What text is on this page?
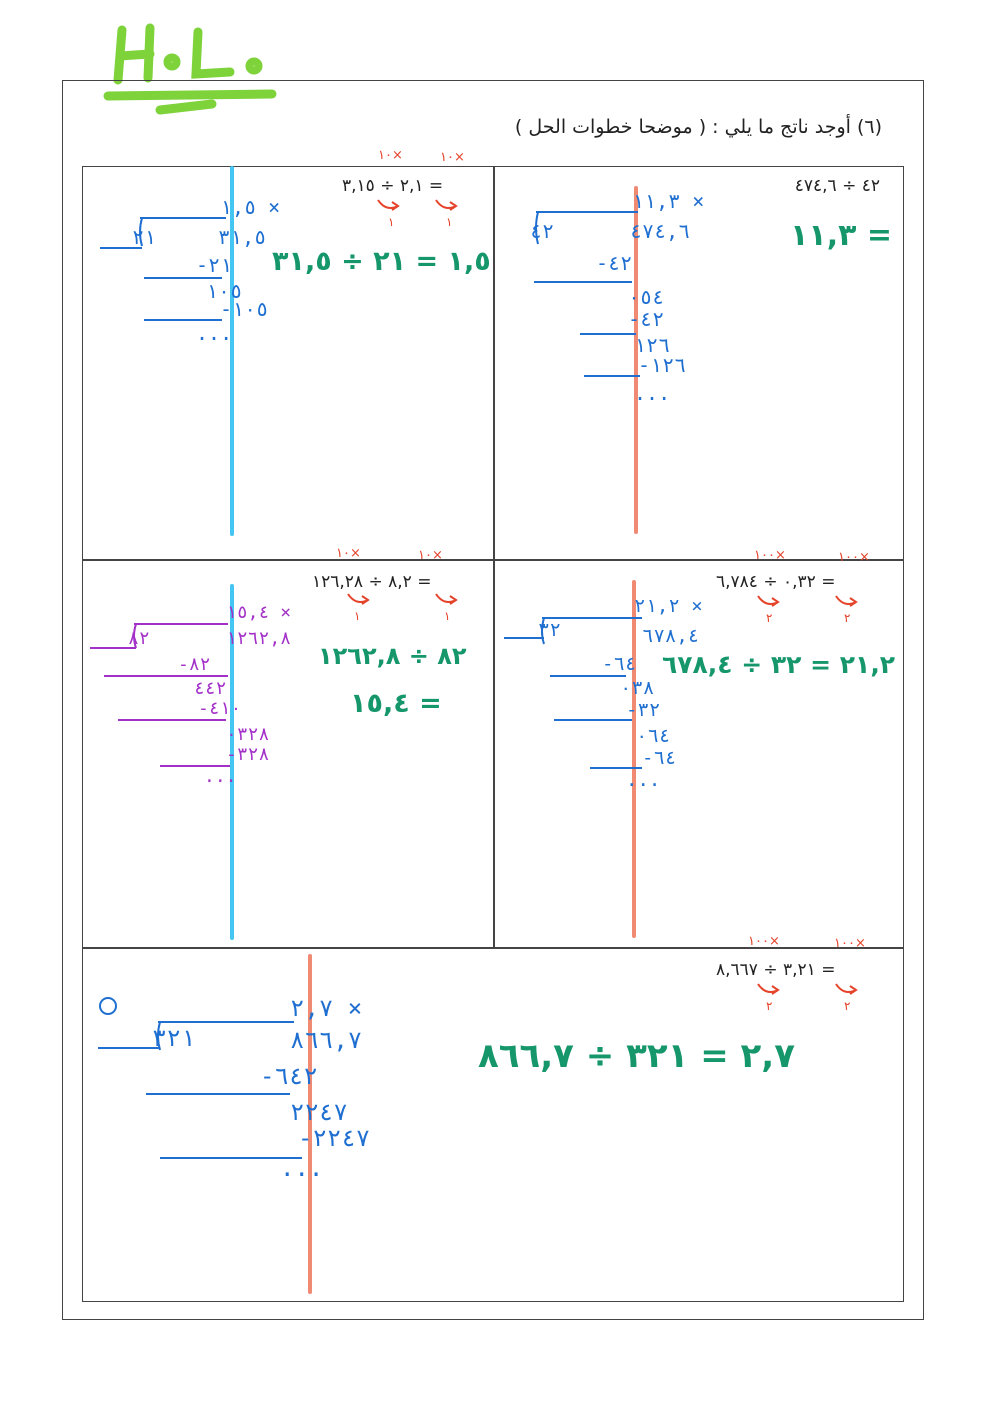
(٦) أوجد ناتج ما يلي : ( موضحا خطوات الحل )
٤٢ ÷ ٤٧٤,٦
= ١١,٣
× ١١,٣
٤٢	٤٧٤,٦
٤٢-
٠٥٤
٤٢-
١٢٦
١٢٦-
...
١٠×
١٠×
= ٢,١ ÷ ٣,١٥
١	١
١,٥ = ٢١ ÷ ٣١,٥
× ١,٥
٢١	٣١,٥
٢١-
١٠٥
١٠٥-
...
١٠٠×
١٠٠×
= ٠,٣٢ ÷ ٦,٧٨٤
٢	٢
٢١,٢ = ٣٢ ÷ ٦٧٨,٤
× ٢١,٢
٣٢	٦٧٨,٤
٦٤-
٠٣٨
٣٢-
٠٦٤
٦٤-
...
١٠×
١٠×
= ٨,٢ ÷ ١٢٦,٢٨
١	١
٨٢ ÷ ١٢٦٢,٨
= ١٥,٤
× ١٥,٤
٨٢	١٢٦٢,٨
٨٢-
٤٤٢
٤١٠-
٠٣٢٨
٣٢٨-
...
١٠٠×
١٠٠×
= ٣,٢١ ÷ ٨,٦٦٧
٢	٢
٢,٧ = ٣٢١ ÷ ٨٦٦,٧
× ٢,٧
٣٢١	٨٦٦,٧
٦٤٢-
٢٢٤٧
٢٢٤٧-
...
